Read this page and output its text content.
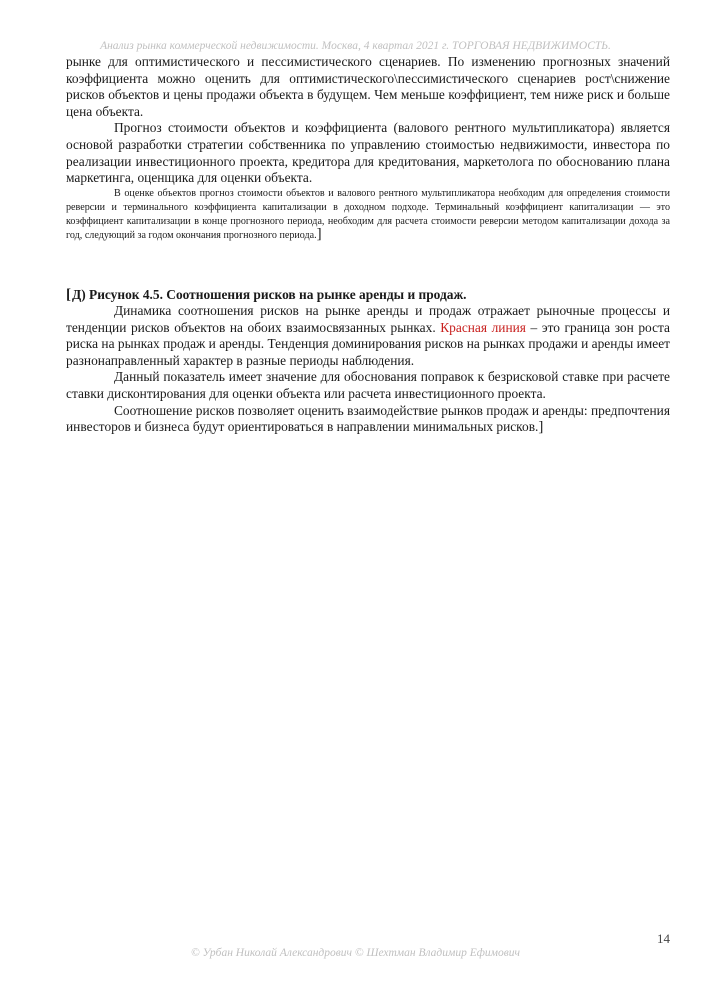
Анализ рынка коммерческой недвижимости. Москва, 4 квартал 2021 г. ТОРГОВАЯ НЕДВИЖИМОСТЬ.

рынке для оптимистического и пессимистического сценариев. По изменению прогнозных значений коэффициента можно оценить для оптимистического\пессимистического сценариев рост\снижение рисков объектов и цены продажи объекта в будущем. Чем меньше коэффициент, тем ниже риск и больше цена объекта.

Прогноз стоимости объектов и коэффициента (валового рентного мультипликатора) является основой разработки стратегии собственника по управлению стоимостью недвижимости, инвестора по реализации инвестиционного проекта, кредитора для кредитования, маркетолога по обоснованию плана маркетинга, оценщика для оценки объекта.

В оценке объектов прогноз стоимости объектов и валового рентного мультипликатора необходим для определения стоимости реверсии и терминального коэффициента капитализации в доходном подходе. Терминальный коэффициент капитализации — это коэффициент капитализации в конце прогнозного периода, необходим для расчета стоимости реверсии методом капитализации дохода за год, следующий за годом окончания прогнозного периода.]

[Д) Рисунок 4.5. Соотношения рисков на рынке аренды и продаж.

Динамика соотношения рисков на рынке аренды и продаж отражает рыночные процессы и тенденции рисков объектов на обоих взаимосвязанных рынках. Красная линия – это граница зон роста риска на рынках продаж и аренды. Тенденция доминирования рисков на рынках продажи и аренды имеет разнонаправленный характер в разные периоды наблюдения.

Данный показатель имеет значение для обоснования поправок к безрисковой ставке при расчете ставки дисконтирования для оценки объекта или расчета инвестиционного проекта.

Соотношение рисков позволяет оценить взаимодействие рынков продаж и аренды: предпочтения инвесторов и бизнеса будут ориентироваться в направлении минимальных рисков.]

14
© Урбан Николай Александрович © Шехтман Владимир Ефимович
